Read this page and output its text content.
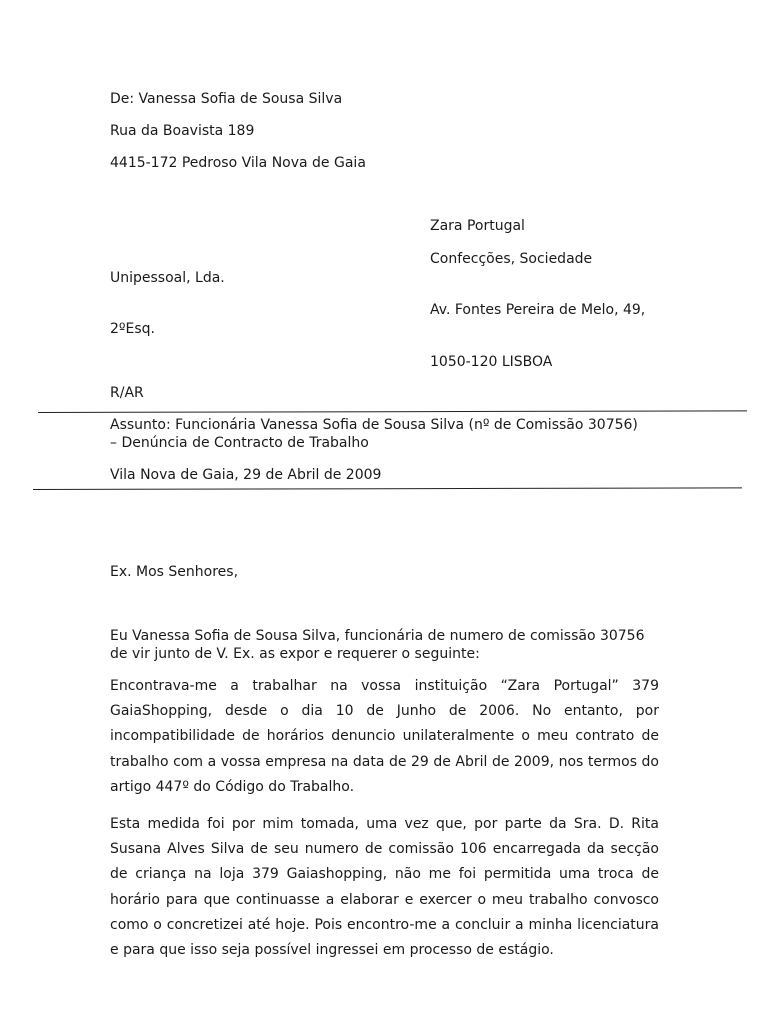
De: Vanessa Sofia de Sousa Silva
Rua da Boavista 189
4415-172 Pedroso Vila Nova de Gaia
Zara Portugal
Confecções, Sociedade
Unipessoal, Lda.
Av. Fontes Pereira de Melo, 49,
2ºEsq.
1050-120 LISBOA
R/AR
Assunto: Funcionária Vanessa Sofia de Sousa Silva (nº de Comissão 30756)
– Denúncia de Contracto de Trabalho
Vila Nova de Gaia, 29 de Abril de 2009
Ex. Mos Senhores,
Eu Vanessa Sofia de Sousa Silva, funcionária de numero de comissão 30756
de vir junto de V. Ex. as expor e requerer o seguinte:
Encontrava-me a trabalhar na vossa instituição “Zara Portugal” 379 GaiaShopping, desde o dia 10 de Junho de 2006. No entanto, por incompatibilidade de horários denuncio unilateralmente o meu contrato de trabalho com a vossa empresa na data de 29 de Abril de 2009, nos termos do artigo 447º do Código do Trabalho.
Esta medida foi por mim tomada, uma vez que, por parte da Sra. D. Rita Susana Alves Silva de seu numero de comissão 106 encarregada da secção de criança na loja 379 Gaiashopping, não me foi permitida uma troca de horário para que continuasse a elaborar e exercer o meu trabalho convosco como o concretizei até hoje. Pois encontro-me a concluir a minha licenciatura e para que isso seja possível ingressei em processo de estágio.
